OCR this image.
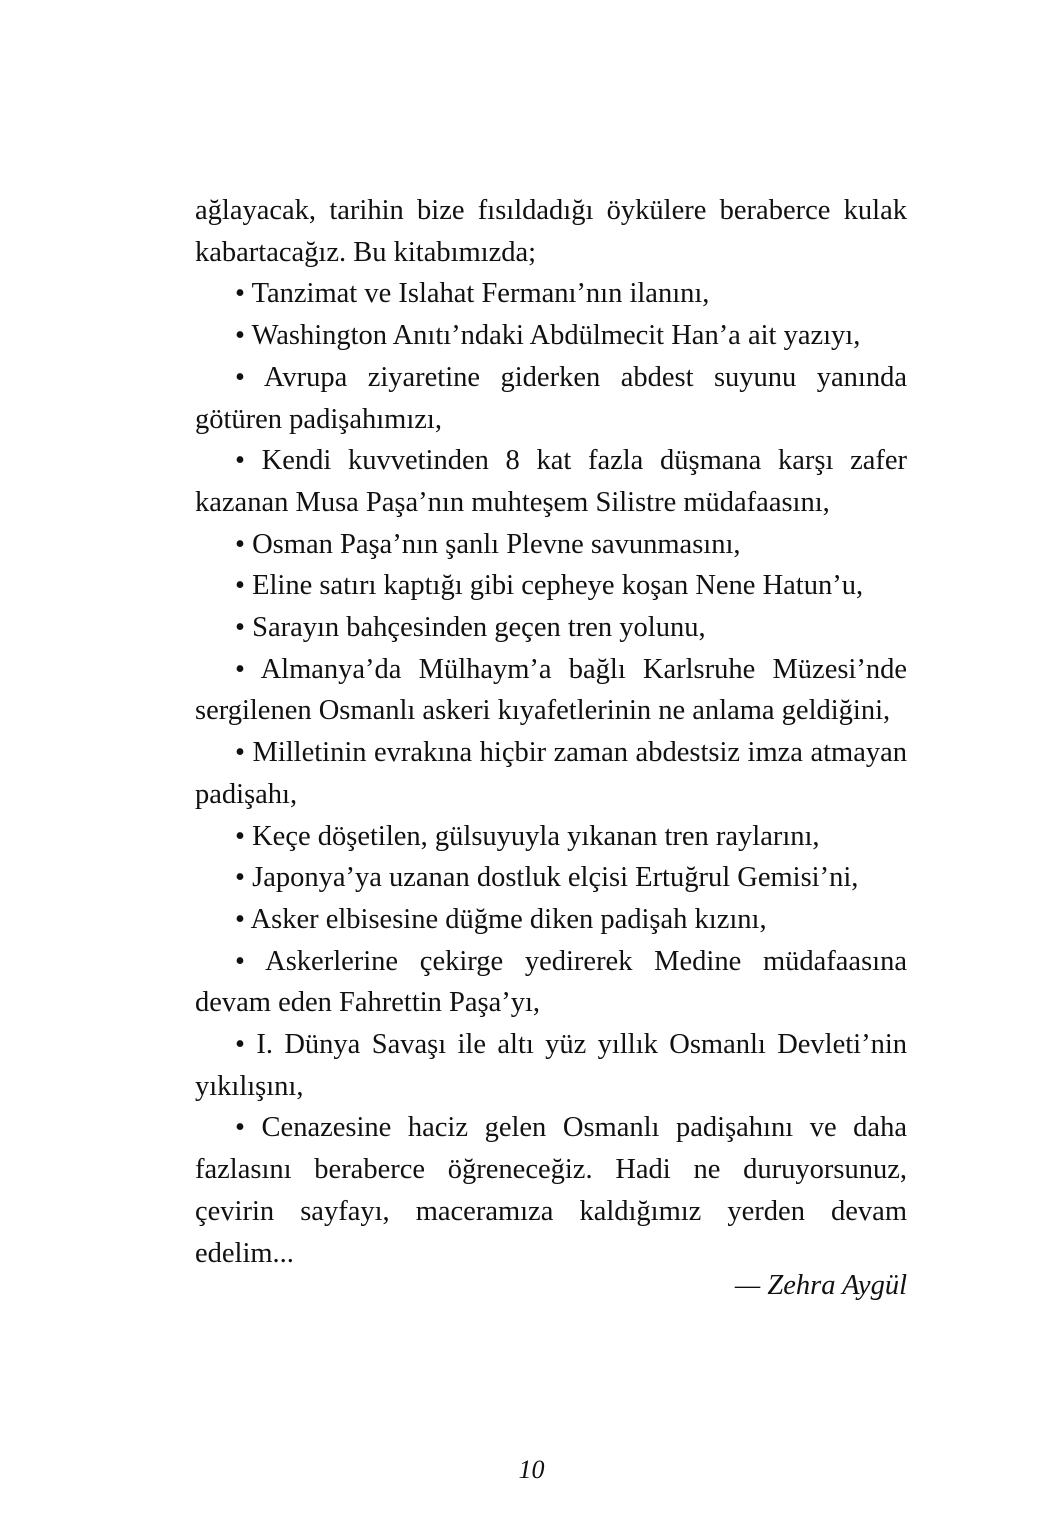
ağlayacak, tarihin bize fısıldadığı öykülere beraberce kulak kabartacağız. Bu kitabımızda;

• Tanzimat ve Islahat Fermanı’nın ilanını,

• Washington Anıtı’ndaki Abdülmecit Han’a ait yazıyı,

• Avrupa ziyaretine giderken abdest suyunu yanında götüren padişahımızı,

• Kendi kuvvetinden 8 kat fazla düşmana karşı zafer kazanan Musa Paşa’nın muhteşem Silistre müdafaasını,

• Osman Paşa’nın şanlı Plevne savunmasını,

• Eline satırı kaptığı gibi cepheye koşan Nene Hatun’u,

• Sarayın bahçesinden geçen tren yolunu,

• Almanya’da Mülhaym’a bağlı Karlsruhe Müzesi’nde sergilenen Osmanlı askeri kıyafetlerinin ne anlama geldiğini,

• Milletinin evrakına hiçbir zaman abdestsiz imza atmayan padişahı,

• Keçe döşetilen, gülsuyuyla yıkanan tren raylarını,

• Japonya’ya uzanan dostluk elçisi Ertuğrul Gemisi’ni,

• Asker elbisesine düğme diken padişah kızını,

• Askerlerine çekirge yedirerek Medine müdafaasına devam eden Fahrettin Paşa’yı,

• I. Dünya Savaşı ile altı yüz yıllık Osmanlı Devleti’nin yıkılışını,

• Cenazesine haciz gelen Osmanlı padişahını ve daha fazlasını beraberce öğreneceğiz. Hadi ne duruyorsunuz, çevirin sayfayı, maceramıza kaldığımız yerden devam edelim...

— Zehra Aygül
10
